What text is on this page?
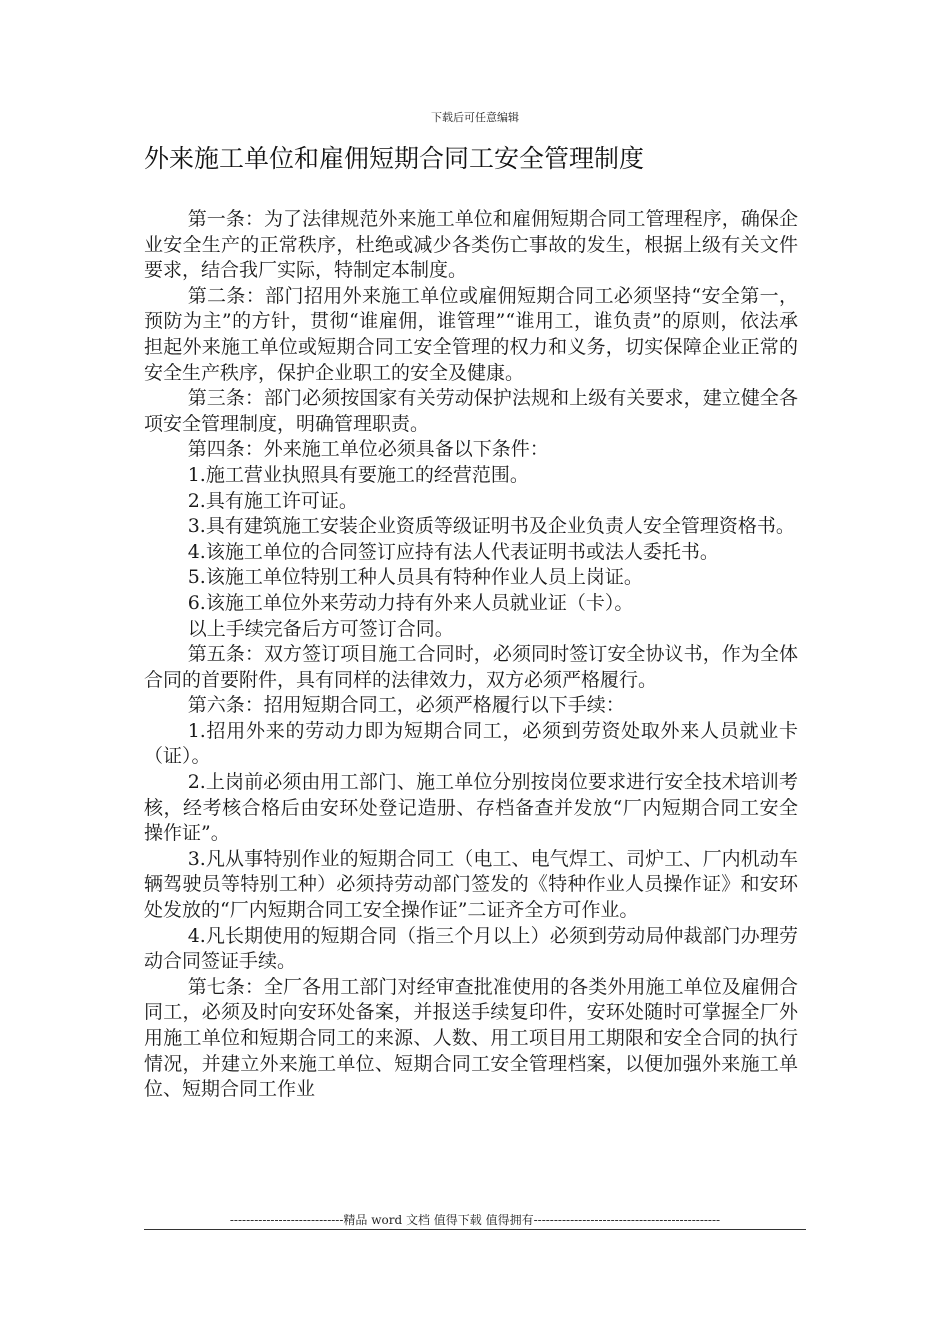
下载后可任意编辑
外来施工单位和雇佣短期合同工安全管理制度

第一条：为了法律规范外来施工单位和雇佣短期合同工管理程序，确保企业安全生产的正常秩序，杜绝或减少各类伤亡事故的发生，根据上级有关文件要求，结合我厂实际，特制定本制度。

第二条：部门招用外来施工单位或雇佣短期合同工必须坚持“安全第一，预防为主”的方针，贯彻“谁雇佣，谁管理”“谁用工，谁负责”的原则，依法承担起外来施工单位或短期合同工安全管理的权力和义务，切实保障企业正常的安全生产秩序，保护企业职工的安全及健康。

第三条：部门必须按国家有关劳动保护法规和上级有关要求，建立健全各项安全管理制度，明确管理职责。

第四条：外来施工单位必须具备以下条件：

1.施工营业执照具有要施工的经营范围。

2.具有施工许可证。

3.具有建筑施工安装企业资质等级证明书及企业负责人安全管理资格书。

4.该施工单位的合同签订应持有法人代表证明书或法人委托书。

5.该施工单位特别工种人员具有特种作业人员上岗证。

6.该施工单位外来劳动力持有外来人员就业证（卡）。

以上手续完备后方可签订合同。

第五条：双方签订项目施工合同时，必须同时签订安全协议书，作为全体合同的首要附件，具有同样的法律效力，双方必须严格履行。

第六条：招用短期合同工，必须严格履行以下手续：

1.招用外来的劳动力即为短期合同工，必须到劳资处取外来人员就业卡（证）。

2.上岗前必须由用工部门、施工单位分别按岗位要求进行安全技术培训考核，经考核合格后由安环处登记造册、存档备查并发放“厂内短期合同工安全操作证”。

3.凡从事特别作业的短期合同工（电工、电气焊工、司炉工、厂内机动车辆驾驶员等特别工种）必须持劳动部门签发的《特种作业人员操作证》和安环处发放的“厂内短期合同工安全操作证”二证齐全方可作业。

4.凡长期使用的短期合同（指三个月以上）必须到劳动局仲裁部门办理劳动合同签证手续。

第七条：全厂各用工部门对经审查批准使用的各类外用施工单位及雇佣合同工，必须及时向安环处备案，并报送手续复印件，安环处随时可掌握全厂外用施工单位和短期合同工的来源、人数、用工项目用工期限和安全合同的执行情况，并建立外来施工单位、短期合同工安全管理档案，以便加强外来施工单位、短期合同工作业

----------------------------精品 word 文档 值得下载 值得拥有----------------------------------------------
